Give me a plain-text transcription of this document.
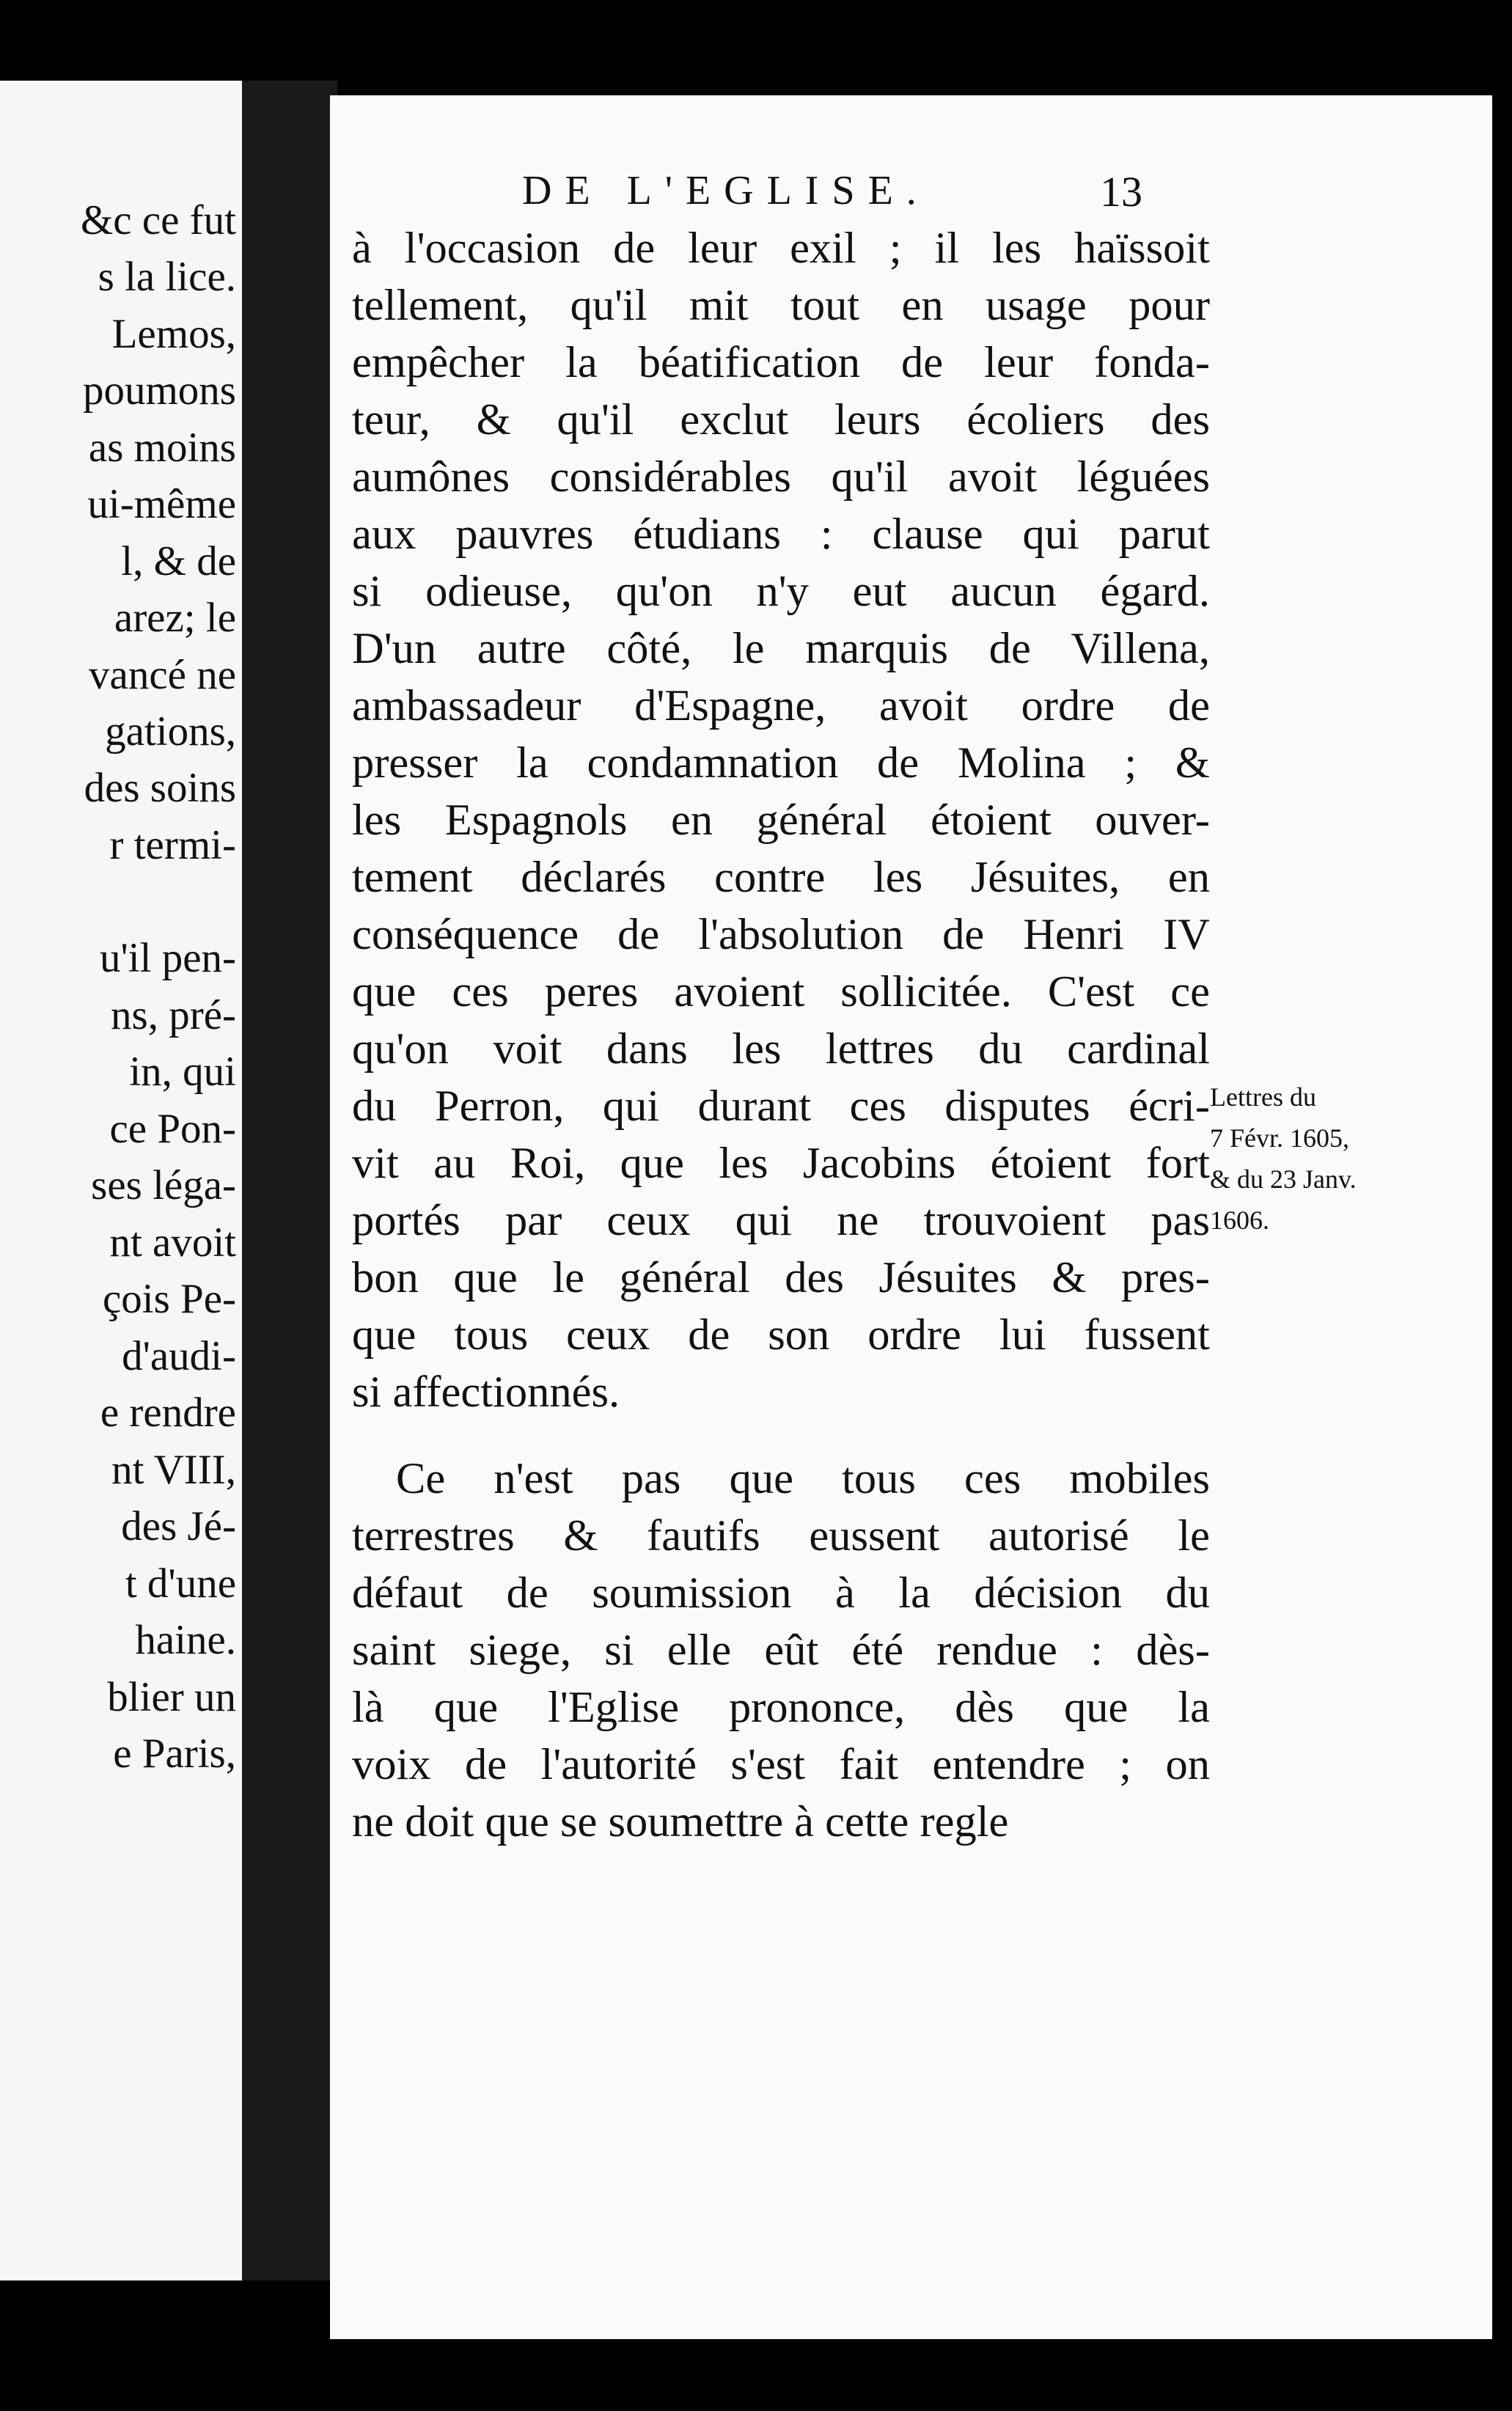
&c ce fut
s la lice.
Lemos,
poumons
as moins
ui-même
l, & de
arez; le
vancé ne
gations,
des soins
r termi-
u'il pen-
ns, pré-
in, qui
ce Pon-
ses léga-
nt avoit
çois Pe-
d'audi-
e rendre
nt VIII,
des Jé-
t d'une
haine.
blier un
e Paris,
DE L'EGLISE.	13
à l'occasion de leur exil ; il les haïssoit
tellement, qu'il mit tout en usage pour
empêcher la béatification de leur fonda-
teur, & qu'il exclut leurs écoliers des
aumônes considérables qu'il avoit léguées
aux pauvres étudians : clause qui parut
si odieuse, qu'on n'y eut aucun égard.
D'un autre côté, le marquis de Villena,
ambassadeur d'Espagne, avoit ordre de
presser la condamnation de Molina ; &
les Espagnols en général étoient ouver-
tement déclarés contre les Jésuites, en
conséquence de l'absolution de Henri IV
que ces peres avoient sollicitée. C'est ce
qu'on voit dans les lettres du cardinal
du Perron, qui durant ces disputes écri-
vit au Roi, que les Jacobins étoient fort
portés par ceux qui ne trouvoient pas
bon que le général des Jésuites & pres-
que tous ceux de son ordre lui fussent
si affectionnés.
Ce n'est pas que tous ces mobiles
terrestres & fautifs eussent autorisé le
défaut de soumission à la décision du
saint siege, si elle eût été rendue : dès-
là que l'Eglise prononce, dès que la
voix de l'autorité s'est fait entendre ; on
ne doit que se soumettre à cette regle
Lettres du
7 Févr. 1605,
& du 23 Janv.
1606.
